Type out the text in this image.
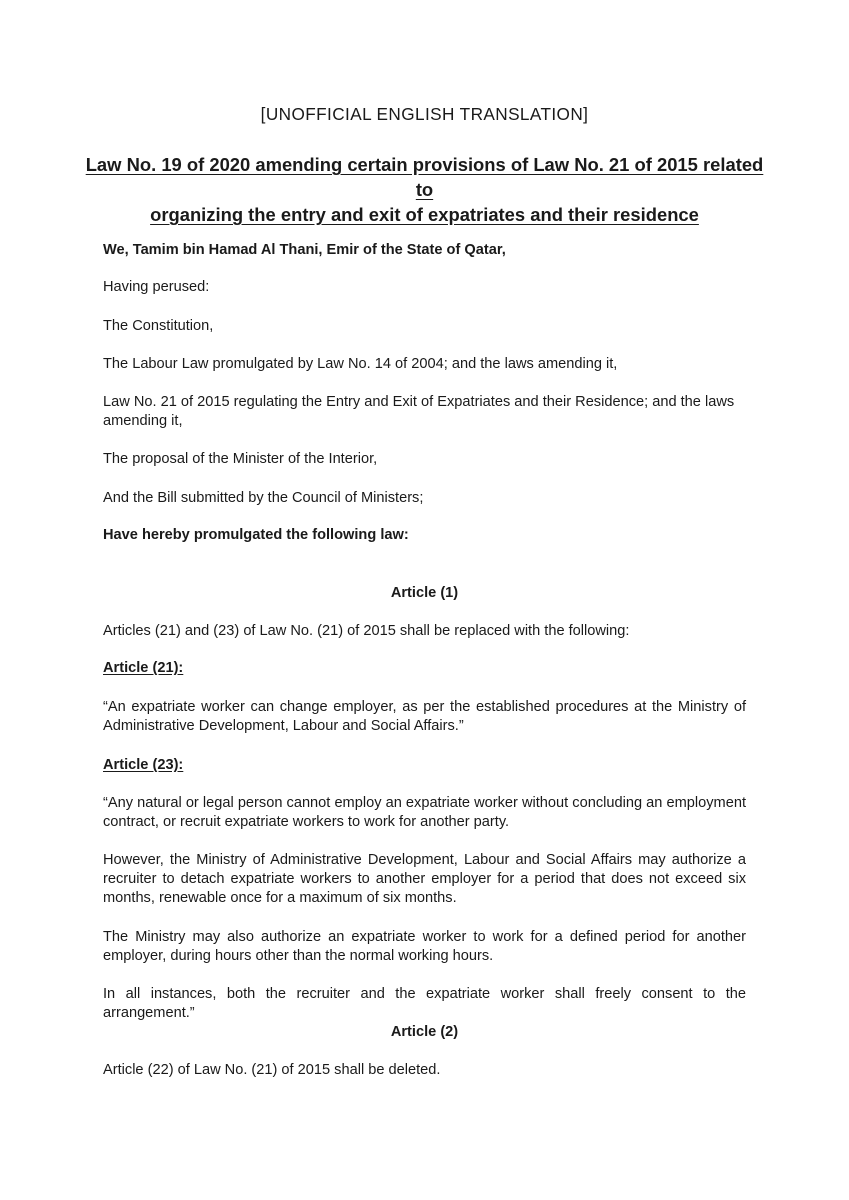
[UNOFFICIAL ENGLISH TRANSLATION]

Law No. 19 of 2020 amending certain provisions of Law No. 21 of 2015 related to
organizing the entry and exit of expatriates and their residence

We, Tamim bin Hamad Al Thani, Emir of the State of Qatar,

Having perused:

The Constitution,

The Labour Law promulgated by Law No. 14 of 2004; and the laws amending it,

Law No. 21 of 2015 regulating the Entry and Exit of Expatriates and their Residence; and the laws amending it,

The proposal of the Minister of the Interior,

And the Bill submitted by the Council of Ministers;

Have hereby promulgated the following law:

Article (1)

Articles (21) and (23) of Law No. (21) of 2015 shall be replaced with the following:

Article (21):

“An expatriate worker can change employer, as per the established procedures at the Ministry of Administrative Development, Labour and Social Affairs.”

Article (23):

“Any natural or legal person cannot employ an expatriate worker without concluding an employment contract, or recruit expatriate workers to work for another party.

However, the Ministry of Administrative Development, Labour and Social Affairs may authorize a recruiter to detach expatriate workers to another employer for a period that does not exceed six months, renewable once for a maximum of six months.

The Ministry may also authorize an expatriate worker to work for a defined period for another employer, during hours other than the normal working hours.

In all instances, both the recruiter and the expatriate worker shall freely consent to the arrangement.”

Article (2)

Article (22) of Law No. (21) of 2015 shall be deleted.
